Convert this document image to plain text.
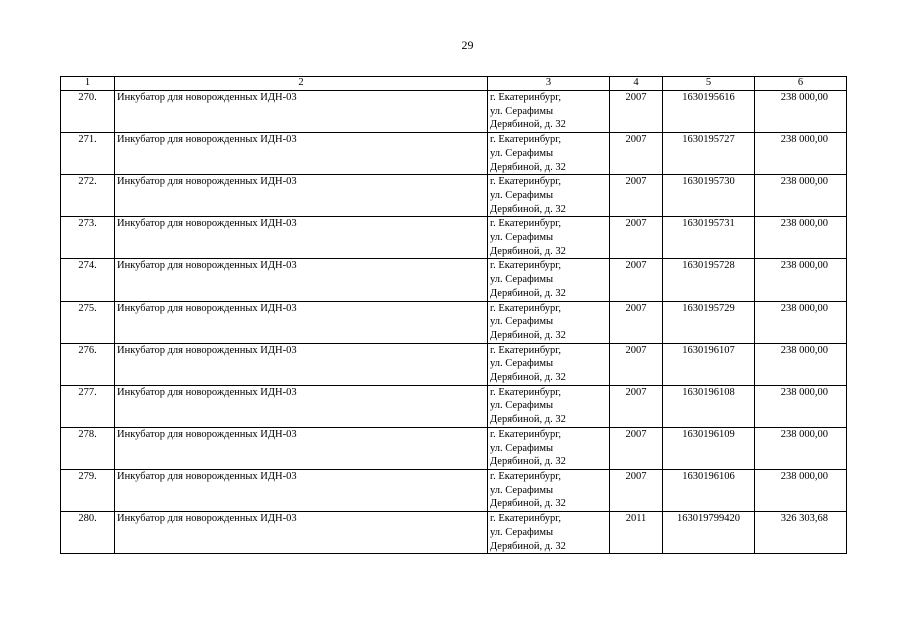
29
1	2	3	4	5	6
270.	Инкубатор для новорожденных ИДН-03	г. Екатеринбург,
ул. Серафимы
Дерябиной, д. 32	2007	1630195616	238 000,00
271.	Инкубатор для новорожденных ИДН-03	г. Екатеринбург,
ул. Серафимы
Дерябиной, д. 32	2007	1630195727	238 000,00
272.	Инкубатор для новорожденных ИДН-03	г. Екатеринбург,
ул. Серафимы
Дерябиной, д. 32	2007	1630195730	238 000,00
273.	Инкубатор для новорожденных ИДН-03	г. Екатеринбург,
ул. Серафимы
Дерябиной, д. 32	2007	1630195731	238 000,00
274.	Инкубатор для новорожденных ИДН-03	г. Екатеринбург,
ул. Серафимы
Дерябиной, д. 32	2007	1630195728	238 000,00
275.	Инкубатор для новорожденных ИДН-03	г. Екатеринбург,
ул. Серафимы
Дерябиной, д. 32	2007	1630195729	238 000,00
276.	Инкубатор для новорожденных ИДН-03	г. Екатеринбург,
ул. Серафимы
Дерябиной, д. 32	2007	1630196107	238 000,00
277.	Инкубатор для новорожденных ИДН-03	г. Екатеринбург,
ул. Серафимы
Дерябиной, д. 32	2007	1630196108	238 000,00
278.	Инкубатор для новорожденных ИДН-03	г. Екатеринбург,
ул. Серафимы
Дерябиной, д. 32	2007	1630196109	238 000,00
279.	Инкубатор для новорожденных ИДН-03	г. Екатеринбург,
ул. Серафимы
Дерябиной, д. 32	2007	1630196106	238 000,00
280.	Инкубатор для новорожденных ИДН-03	г. Екатеринбург,
ул. Серафимы
Дерябиной, д. 32	2011	163019799420	326 303,68
